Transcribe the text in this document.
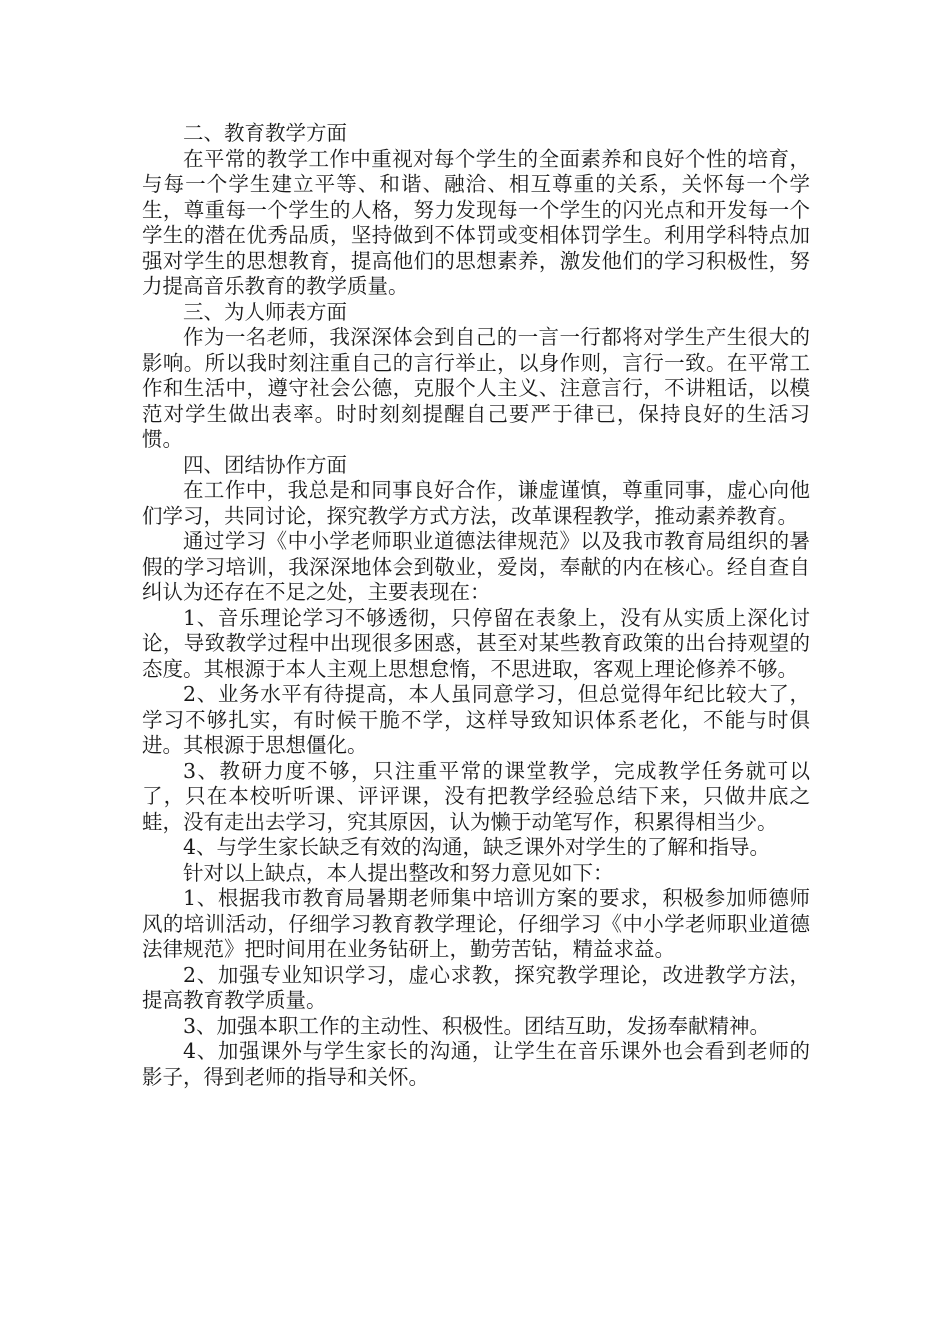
二、教育教学方面

在平常的教学工作中重视对每个学生的全面素养和良好个性的培育，与每一个学生建立平等、和谐、融洽、相互尊重的关系，关怀每一个学生，尊重每一个学生的人格，努力发现每一个学生的闪光点和开发每一个学生的潜在优秀品质，坚持做到不体罚或变相体罚学生。利用学科特点加强对学生的思想教育，提高他们的思想素养，激发他们的学习积极性，努力提高音乐教育的教学质量。

三、为人师表方面

作为一名老师，我深深体会到自己的一言一行都将对学生产生很大的影响。所以我时刻注重自己的言行举止，以身作则，言行一致。在平常工作和生活中，遵守社会公德，克服个人主义、注意言行，不讲粗话，以模范对学生做出表率。时时刻刻提醒自己要严于律已，保持良好的生活习惯。

四、团结协作方面

在工作中，我总是和同事良好合作，谦虚谨慎，尊重同事，虚心向他们学习，共同讨论，探究教学方式方法，改革课程教学，推动素养教育。

通过学习《中小学老师职业道德法律规范》以及我市教育局组织的暑假的学习培训，我深深地体会到敬业，爱岗，奉献的内在核心。经自查自纠认为还存在不足之处，主要表现在：

1、音乐理论学习不够透彻，只停留在表象上，没有从实质上深化讨论，导致教学过程中出现很多困惑，甚至对某些教育政策的出台持观望的态度。其根源于本人主观上思想怠惰，不思进取，客观上理论修养不够。

2、业务水平有待提高，本人虽同意学习，但总觉得年纪比较大了，学习不够扎实，有时候干脆不学，这样导致知识体系老化，不能与时俱进。其根源于思想僵化。

3、教研力度不够，只注重平常的课堂教学，完成教学任务就可以了，只在本校听听课、评评课，没有把教学经验总结下来，只做井底之蛙，没有走出去学习，究其原因，认为懒于动笔写作，积累得相当少。

4、与学生家长缺乏有效的沟通，缺乏课外对学生的了解和指导。

针对以上缺点，本人提出整改和努力意见如下：

1、根据我市教育局暑期老师集中培训方案的要求，积极参加师德师风的培训活动，仔细学习教育教学理论，仔细学习《中小学老师职业道德法律规范》把时间用在业务钻研上，勤劳苦钻，精益求益。

2、加强专业知识学习，虚心求教，探究教学理论，改进教学方法，提高教育教学质量。

3、加强本职工作的主动性、积极性。团结互助，发扬奉献精神。

4、加强课外与学生家长的沟通，让学生在音乐课外也会看到老师的影子，得到老师的指导和关怀。
